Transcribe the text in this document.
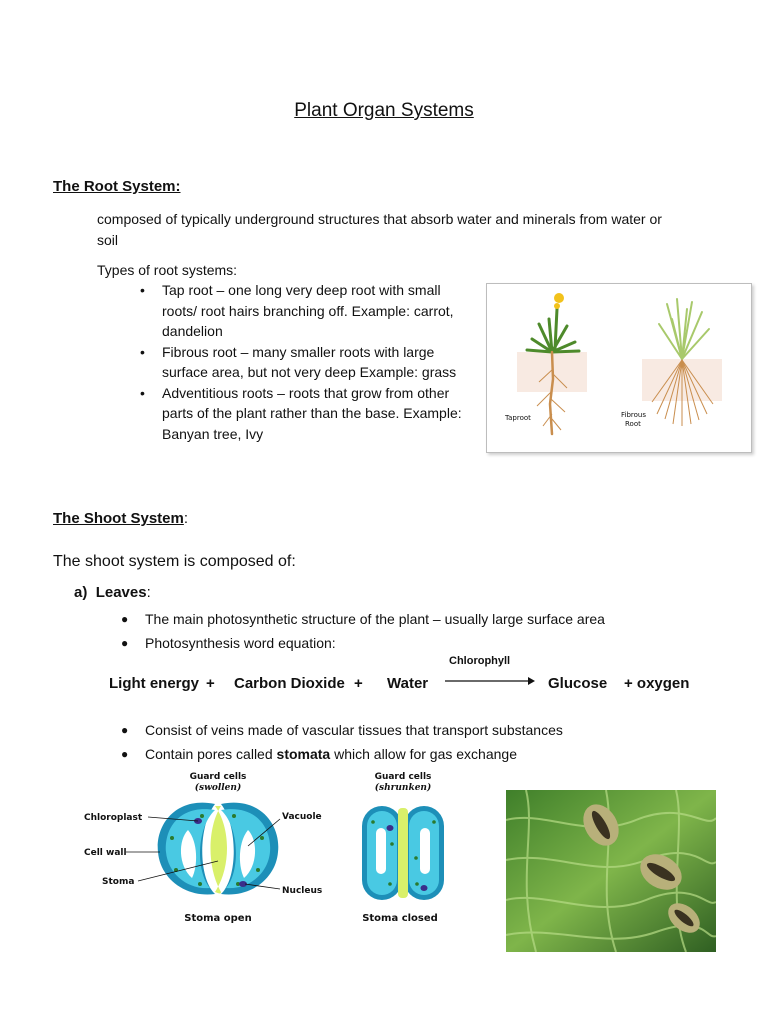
Plant Organ Systems
The Root System:
composed of typically underground structures that absorb water and minerals from water or soil
Types of root systems:
• Tap root – one long very deep root with small roots/ root hairs branching off. Example: carrot, dandelion
• Fibrous root – many smaller roots with large surface area, but not very deep Example: grass
• Adventitious roots – roots that grow from other parts of the plant rather than the base. Example: Banyan tree, Ivy
Taproot	Fibrous
Root
The Shoot System:
The shoot system is composed of:
a) Leaves:
● The main photosynthetic structure of the plant – usually large surface area
● Photosynthesis word equation:
Chlorophyll
Light energy + Carbon Dioxide + Water	Glucose + oxygen
● Consist of veins made of vascular tissues that transport substances
● Contain pores called stomata which allow for gas exchange
Guard cells
(swollen)
Guard cells
(shrunken)
Chloroplast
Cell wall
Stoma
Vacuole
Nucleus
Stoma open	Stoma closed
